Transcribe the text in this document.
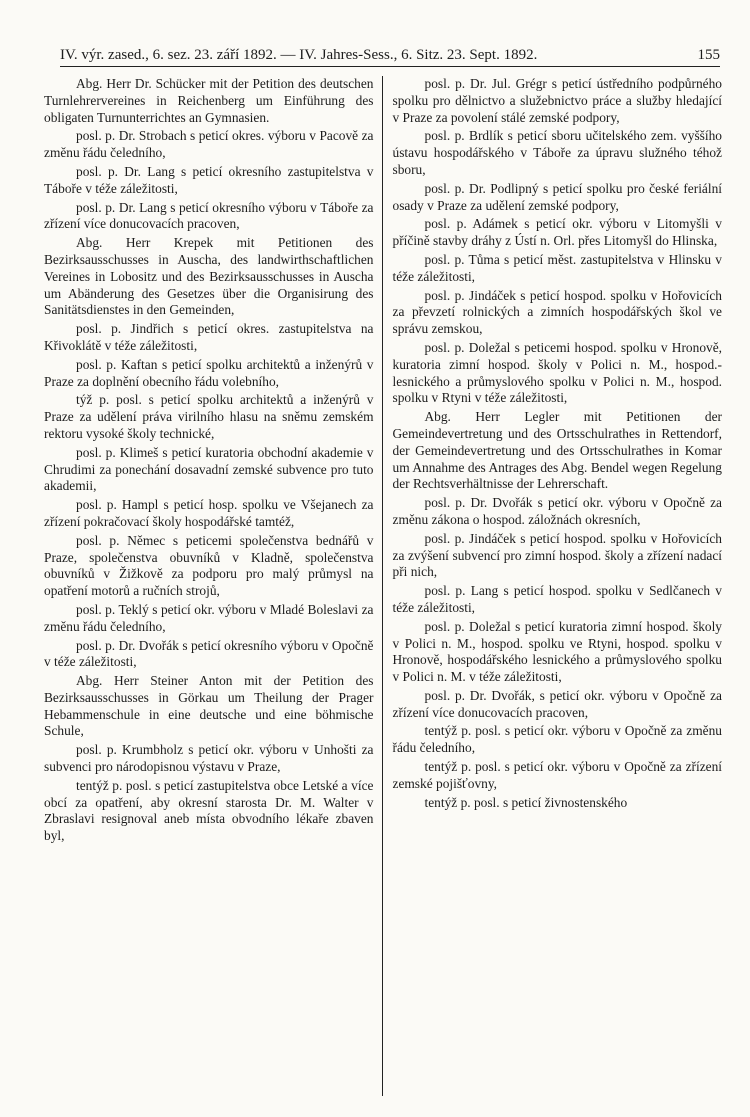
IV. výr. zased., 6. sez. 23. září 1892. — IV. Jahres-Sess., 6. Sitz. 23. Sept. 1892.	155

Abg. Herr Dr. Schücker mit der Petition des deutschen Turnlehrervereines in Reichenberg um Einführung des obligaten Turnunterrichtes an Gymnasien.

posl. p. Dr. Strobach s peticí okres. výboru v Pacově za změnu řádu čeledního,

posl. p. Dr. Lang s peticí okresního zastupitelstva v Táboře v téže záležitosti,

posl. p. Dr. Lang s peticí okresního výboru v Táboře za zřízení více donucovacích pracoven,

Abg. Herr Krepek mit Petitionen des Bezirksausschusses in Auscha, des landwirthschaftlichen Vereines in Lobositz und des Bezirksausschusses in Auscha um Abänderung des Gesetzes über die Organisirung des Sanitätsdienstes in den Gemeinden,

posl. p. Jindřich s peticí okres. zastupitelstva na Křivoklátě v téže záležitosti,

posl. p. Kaftan s peticí spolku architektů a inženýrů v Praze za doplnění obecního řádu volebního,

týž p. posl. s peticí spolku architektů a inženýrů v Praze za udělení práva virilního hlasu na sněmu zemském rektoru vysoké školy technické,

posl. p. Klimeš s peticí kuratoria obchodní akademie v Chrudimi za ponechání dosavadní zemské subvence pro tuto akademii,

posl. p. Hampl s peticí hosp. spolku ve Všejanech za zřízení pokračovací školy hospodářské tamtéž,

posl. p. Němec s peticemi společenstva bednářů v Praze, společenstva obuvníků v Kladně, společenstva obuvníků v Žižkově za podporu pro malý průmysl na opatření motorů a ručních strojů,

posl. p. Teklý s peticí okr. výboru v Mladé Boleslavi za změnu řádu čeledního,

posl. p. Dr. Dvořák s peticí okresního výboru v Opočně v téže záležitosti,

Abg. Herr Steiner Anton mit der Petition des Bezirksausschusses in Görkau um Theilung der Prager Hebammenschule in eine deutsche und eine böhmische Schule,

posl. p. Krumbholz s peticí okr. výboru v Unhošti za subvenci pro národopisnou výstavu v Praze,

tentýž p. posl. s peticí zastupitelstva obce Letské a více obcí za opatření, aby okresní starosta Dr. M. Walter v Zbraslavi resignoval aneb místa obvodního lékaře zbaven byl,

posl. p. Dr. Jul. Grégr s peticí ústředního podpůrného spolku pro dělnictvo a služebnictvo práce a služby hledající v Praze za povolení stálé zemské podpory,

posl. p. Brdlík s peticí sboru učitelského zem. vyššího ústavu hospodářského v Táboře za úpravu služného téhož sboru,

posl. p. Dr. Podlipný s peticí spolku pro české feriální osady v Praze za udělení zemské podpory,

posl. p. Adámek s peticí okr. výboru v Litomyšli v příčině stavby dráhy z Ústí n. Orl. přes Litomyšl do Hlinska,

posl. p. Tůma s peticí měst. zastupitelstva v Hlinsku v téže záležitosti,

posl. p. Jindáček s peticí hospod. spolku v Hořovicích za převzetí rolnických a zimních hospodářských škol ve správu zemskou,

posl. p. Doležal s peticemi hospod. spolku v Hronově, kuratoria zimní hospod. školy v Polici n. M., hospod.-lesnického a průmyslového spolku v Polici n. M., hospod. spolku v Rtyni v téže záležitosti,

Abg. Herr Legler mit Petitionen der Gemeindevertretung und des Ortsschulrathes in Rettendorf, der Gemeindevertretung und des Ortsschulrathes in Komar um Annahme des Antrages des Abg. Bendel wegen Regelung der Rechtsverhältnisse der Lehrerschaft.

posl. p. Dr. Dvořák s peticí okr. výboru v Opočně za změnu zákona o hospod. záložnách okresních,

posl. p. Jindáček s peticí hospod. spolku v Hořovicích za zvýšení subvencí pro zimní hospod. školy a zřízení nadací při nich,

posl. p. Lang s peticí hospod. spolku v Sedlčanech v téže záležitosti,

posl. p. Doležal s peticí kuratoria zimní hospod. školy v Polici n. M., hospod. spolku ve Rtyni, hospod. spolku v Hronově, hospodářského lesnického a průmyslového spolku v Polici n. M. v téže záležitosti,

posl. p. Dr. Dvořák, s peticí okr. výboru v Opočně za zřízení více donucovacích pracoven,

tentýž p. posl. s peticí okr. výboru v Opočně za změnu řádu čeledního,

tentýž p. posl. s peticí okr. výboru v Opočně za zřízení zemské pojišťovny,

tentýž p. posl. s peticí živnostenského
